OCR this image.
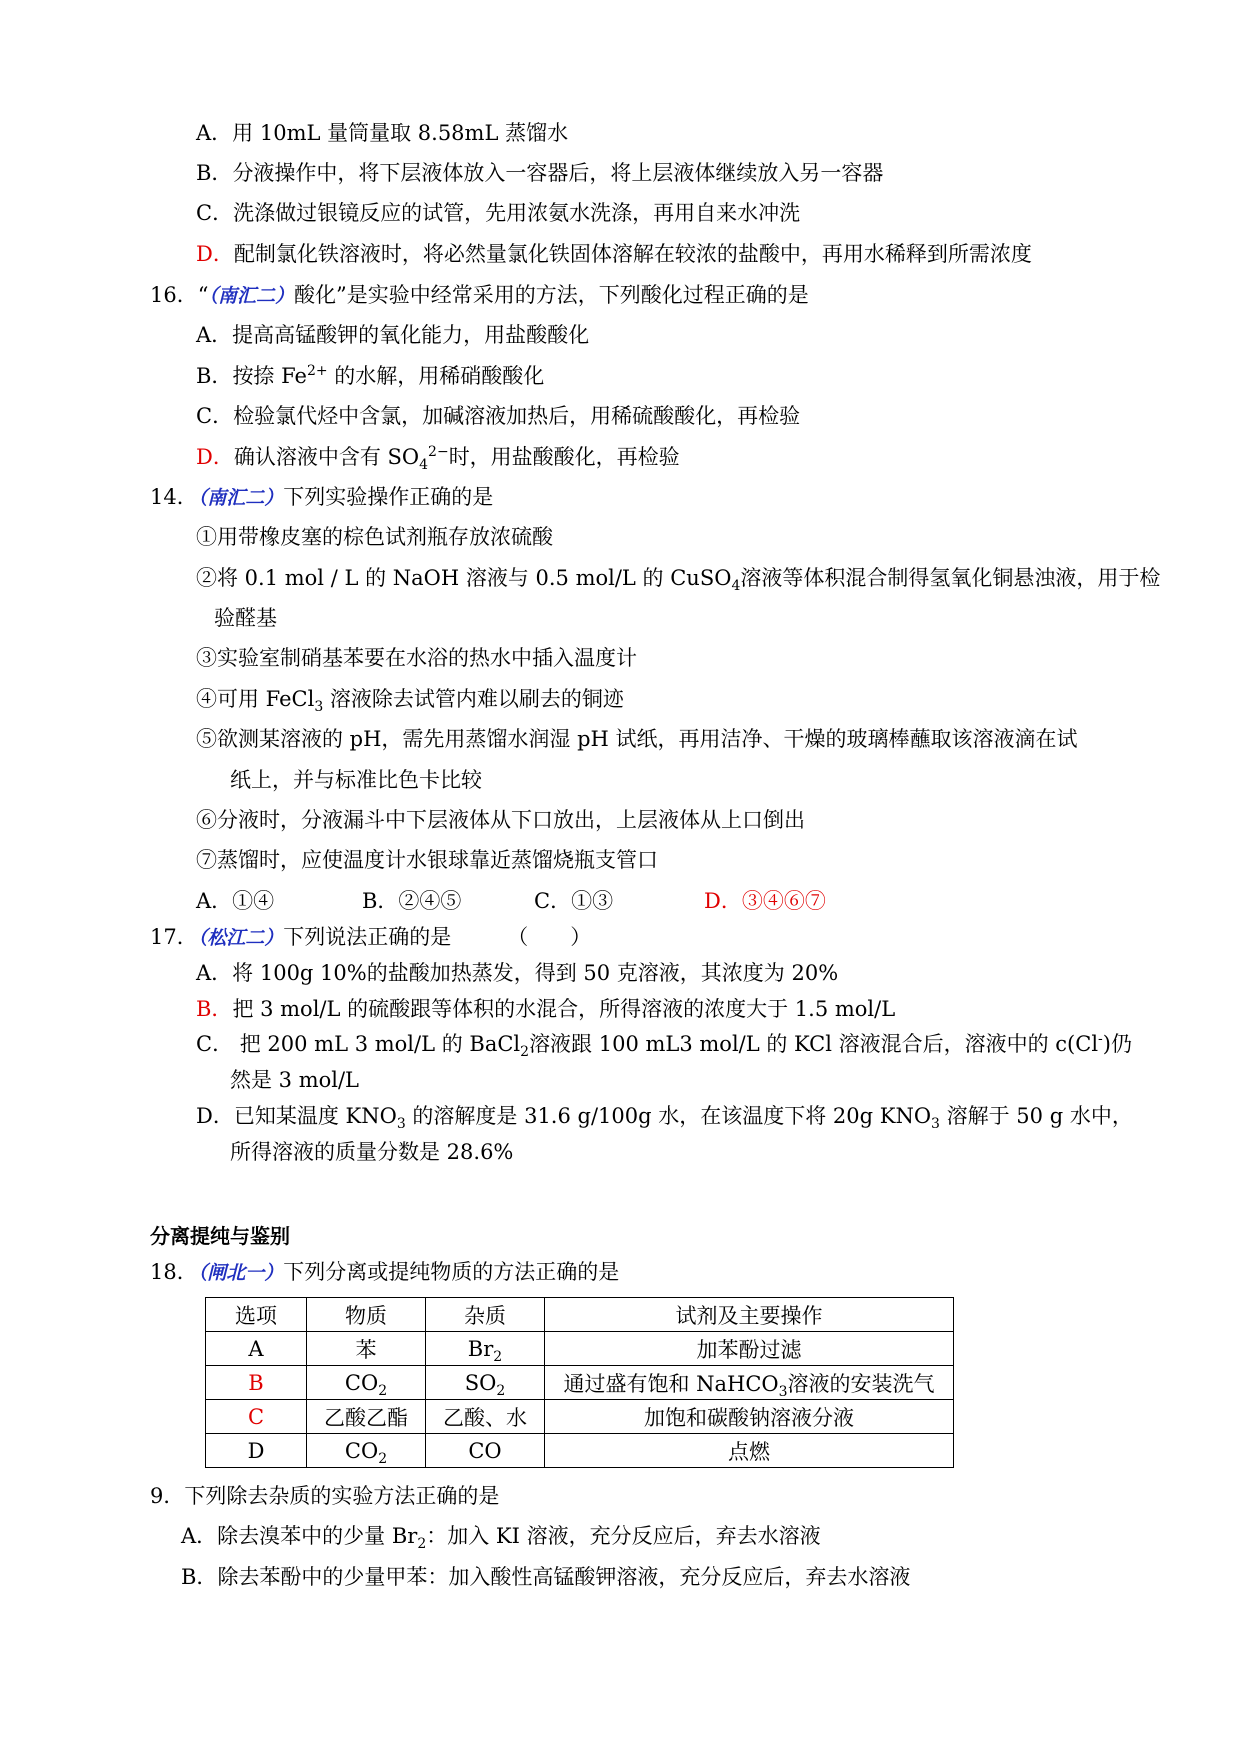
A．用 10mL 量筒量取 8.58mL 蒸馏水
B．分液操作中，将下层液体放入一容器后，将上层液体继续放入另一容器
C．洗涤做过银镜反应的试管，先用浓氨水洗涤，再用自来水冲洗
D．配制氯化铁溶液时，将必然量氯化铁固体溶解在较浓的盐酸中，再用水稀释到所需浓度
16．“（南汇二）酸化”是实验中经常采用的方法，下列酸化过程正确的是
A．提高高锰酸钾的氧化能力，用盐酸酸化
B．按捺 $Fe^{2+}$ 的水解，用稀硝酸酸化
C．检验氯代烃中含氯，加碱溶液加热后，用稀硫酸酸化，再检验
D．确认溶液中含有 $SO_4^{2-}$时，用盐酸酸化，再检验
14．（南汇二）下列实验操作正确的是
①用带橡皮塞的棕色试剂瓶存放浓硫酸
②将 0.1 mol / L 的 NaOH 溶液与 0.5 mol/L 的 CuSO$_4$溶液等体积混合制得氢氧化铜悬浊液，用于检
验醛基
③实验室制硝基苯要在水浴的热水中插入温度计
④可用 FeCl$_3$ 溶液除去试管内难以刷去的铜迹
⑤欲测某溶液的 pH，需先用蒸馏水润湿 pH 试纸，再用洁净、干燥的玻璃棒蘸取该溶液滴在试
纸上，并与标准比色卡比较
⑥分液时，分液漏斗中下层液体从下口放出，上层液体从上口倒出
⑦蒸馏时，应使温度计水银球靠近蒸馏烧瓶支管口
A．①④	B．②④⑤	C．①③	D．③④⑥⑦
17．（松江二）下列说法正确的是	（　　）
A．将 100g 10%的盐酸加热蒸发，得到 50 克溶液，其浓度为 20%
B．把 3 mol/L 的硫酸跟等体积的水混合，所得溶液的浓度大于 1.5 mol/L
C． 把 200 mL 3 mol/L 的 BaCl$_2$溶液跟 100 mL3 mol/L 的 KCl 溶液混合后，溶液中的 c(Cl-)仍
然是 3 mol/L
D．已知某温度 $KNO_3$ 的溶解度是 31.6 g/100g 水，在该温度下将 20g $KNO_3$ 溶解于 50 g 水中，
所得溶液的质量分数是 28.6%
分离提纯与鉴别
18．（闸北一）下列分离或提纯物质的方法正确的是
选项	物质	杂质	试剂及主要操作
A	苯	$Br_2$	加苯酚过滤
B	$CO_2$	$SO_2$	通过盛有饱和 NaHCO$_3$溶液的安装洗气
C	乙酸乙酯	乙酸、水	加饱和碳酸钠溶液分液
D	$CO_2$	CO	点燃
9．下列除去杂质的实验方法正确的是
A．除去溴苯中的少量 $Br_2$：加入 KI 溶液，充分反应后，弃去水溶液
B．除去苯酚中的少量甲苯：加入酸性高锰酸钾溶液，充分反应后，弃去水溶液
